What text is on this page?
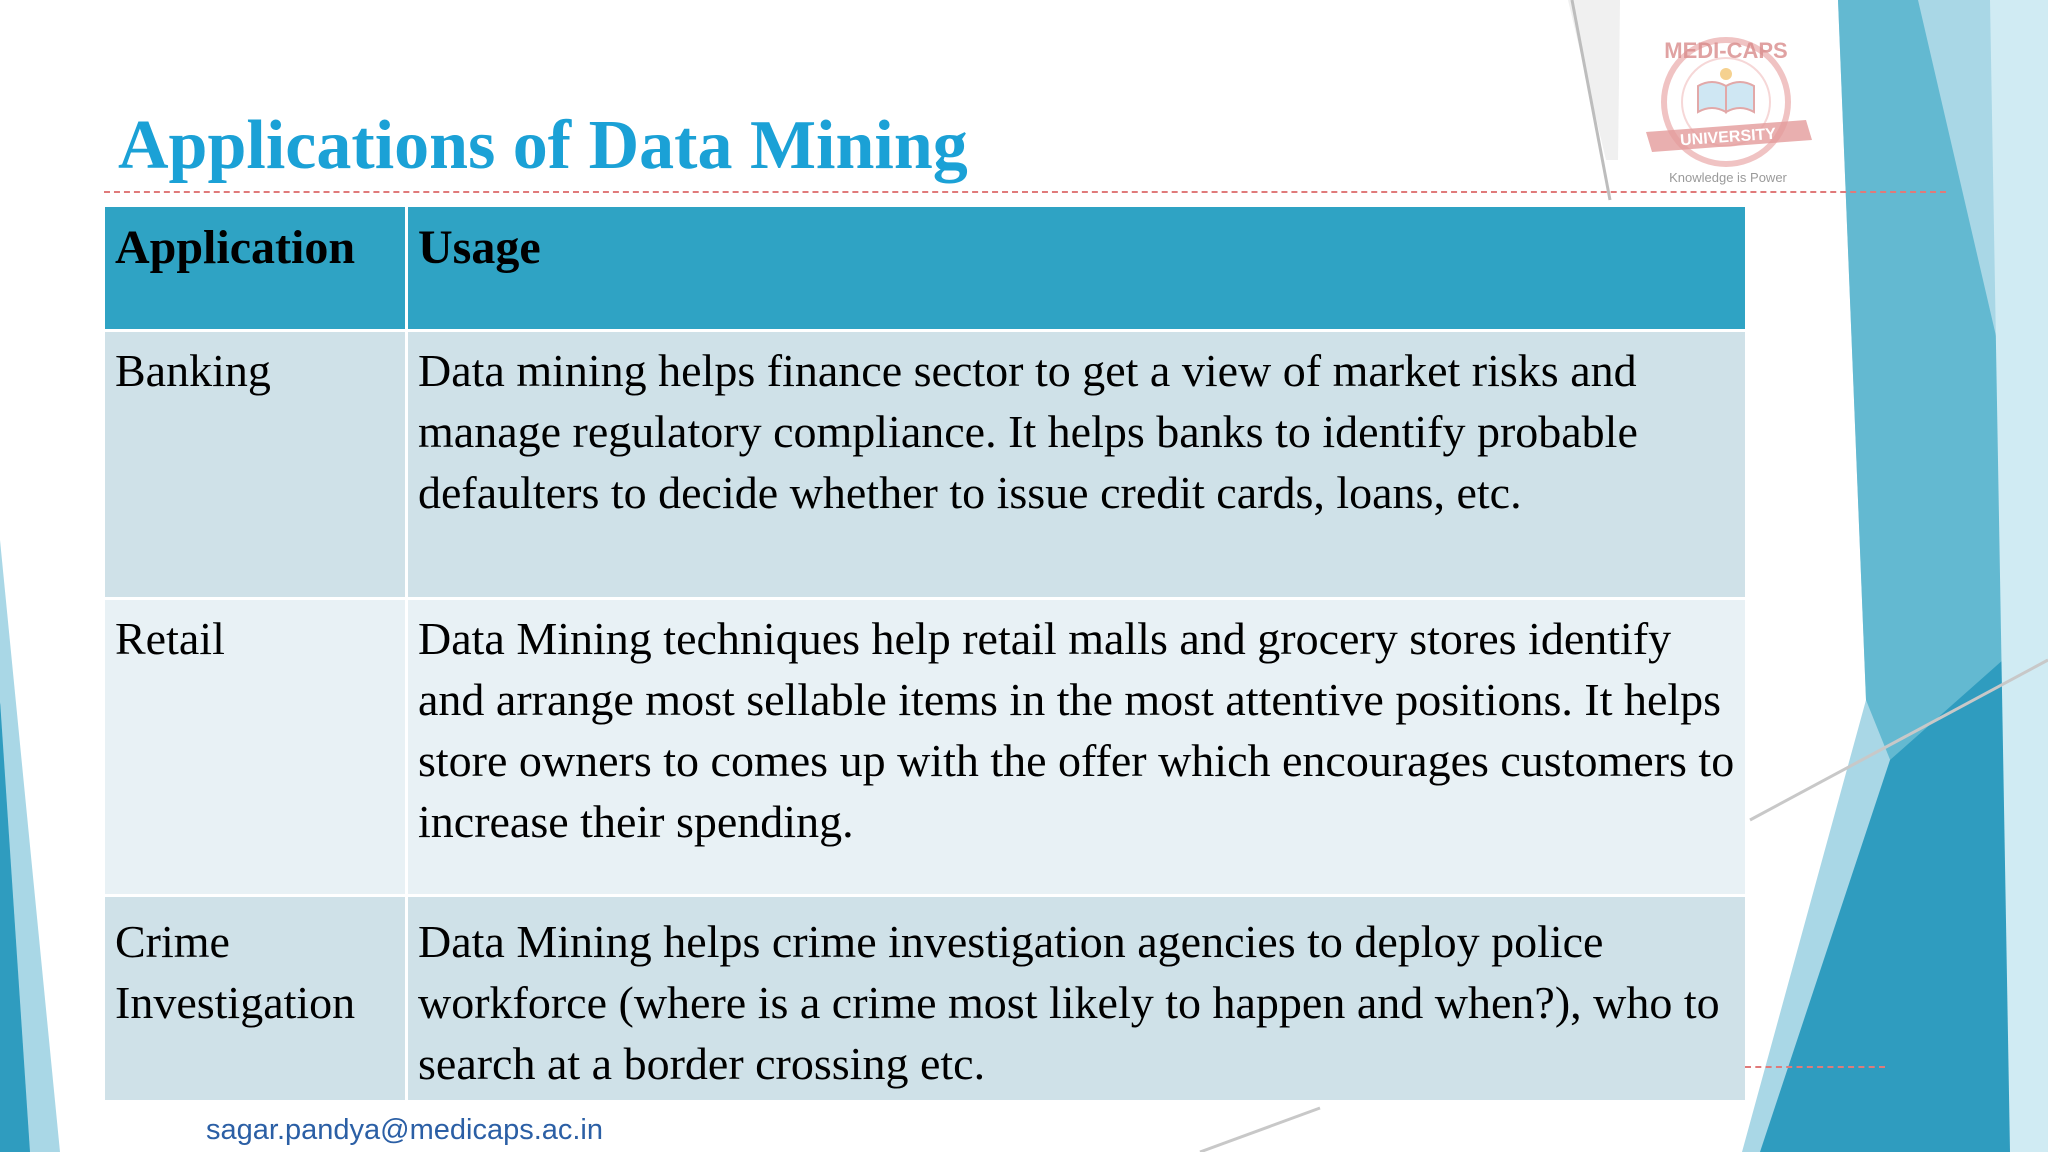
MEDI-CAPS
UNIVERSITY
Knowledge is Power
Applications of Data Mining
Application	Usage
Banking	Data mining helps finance sector to get a view of market risks and manage regulatory compliance. It helps banks to identify probable defaulters to decide whether to issue credit cards, loans, etc.
Retail	Data Mining techniques help retail malls and grocery stores identify and arrange most sellable items in the most attentive positions. It helps store owners to comes up with the offer which encourages customers to increase their spending.
Crime Investigation	Data Mining helps crime investigation agencies to deploy police workforce (where is a crime most likely to happen and when?), who to search at a border crossing etc.
sagar.pandya@medicaps.ac.in
